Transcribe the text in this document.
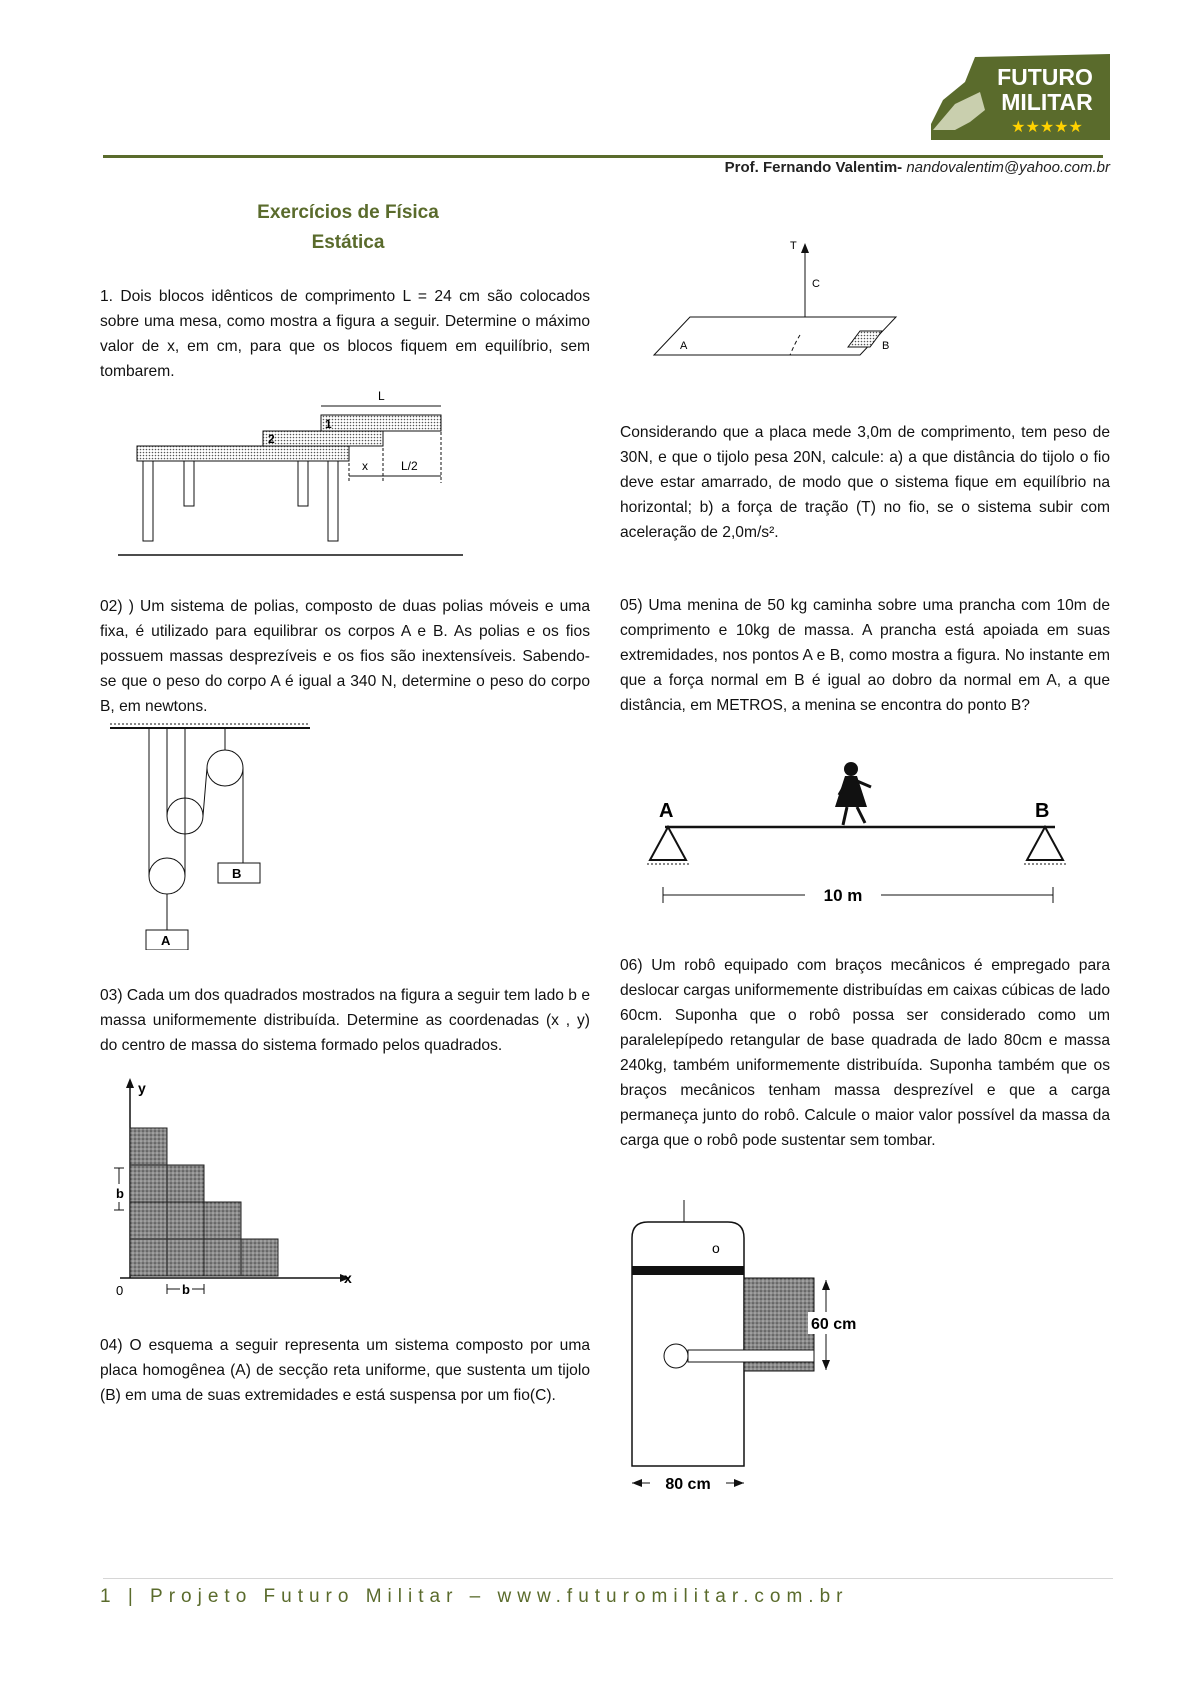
FUTURO
MILITAR
★★★★★
Prof. Fernando Valentim- nandovalentim@yahoo.com.br
Exercícios de Física
Estática
1. Dois blocos idênticos de comprimento L = 24 cm são colocados sobre uma mesa, como mostra a figura a seguir. Determine o máximo valor de x, em cm, para que os blocos fiquem em equilíbrio, sem tombarem.
2
1
L
x	L/2
02) ) Um sistema de polias, composto de duas polias móveis e uma fixa, é utilizado para equilibrar os corpos A e B. As polias e os fios possuem massas desprezíveis e os fios são inextensíveis. Sabendo-se que o peso do corpo A é igual a 340 N, determine o peso do corpo B, em newtons.
B
A
03) Cada um dos quadrados mostrados na figura a seguir tem lado b e massa uniformemente distribuída. Determine as coordenadas (x , y) do centro de massa do sistema formado pelos quadrados.
y
x
b
0	b
04) O esquema a seguir representa um sistema composto por uma placa homogênea (A) de secção reta uniforme, que sustenta um tijolo (B) em uma de suas extremidades e está suspensa por um fio(C).
T
C
A	B
Considerando que a placa mede 3,0m de comprimento, tem peso de 30N, e que o tijolo pesa 20N, calcule: a) a que distância do tijolo o fio deve estar amarrado, de modo que o sistema fique em equilíbrio na horizontal; b) a força de tração (T) no fio, se o sistema subir com aceleração de 2,0m/s².
05) Uma menina de 50 kg caminha sobre uma prancha com 10m de comprimento e 10kg de massa. A prancha está apoiada em suas extremidades, nos pontos A e B, como mostra a figura. No instante em que a força normal em B é igual ao dobro da normal em A, a que distância, em METROS, a menina se encontra do ponto B?
A	B
10 m
06) Um robô equipado com braços mecânicos é empregado para deslocar cargas uniformemente distribuídas em caixas cúbicas de lado 60cm. Suponha que o robô possa ser considerado como um paralelepípedo retangular de base quadrada de lado 80cm e massa 240kg, também uniformemente distribuída. Suponha também que os braços mecânicos tenham massa desprezível e que a carga permaneça junto do robô. Calcule o maior valor possível da massa da carga que o robô pode sustentar sem tombar.
o
60 cm
80 cm
1 | Projeto Futuro Militar – www.futuromilitar.com.br
